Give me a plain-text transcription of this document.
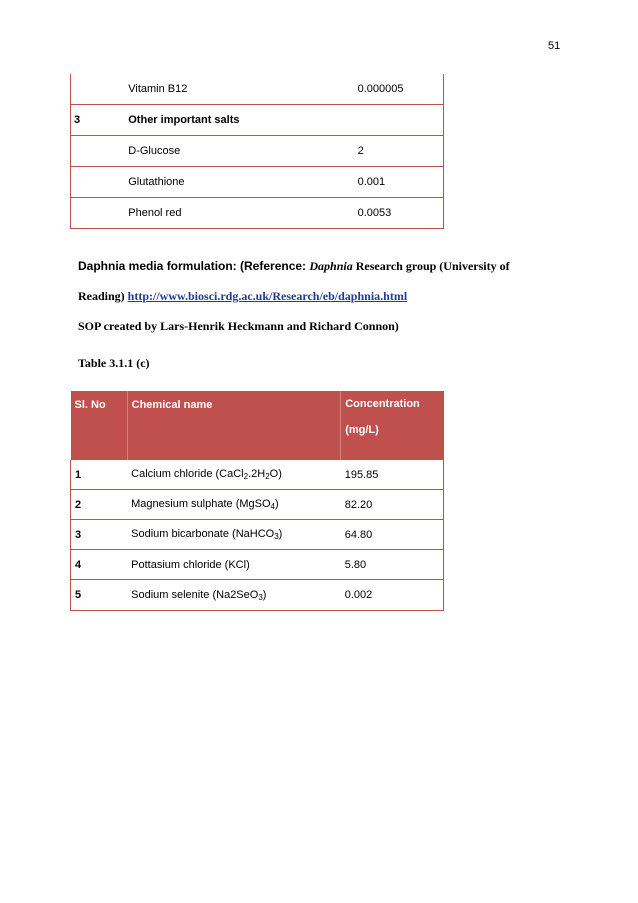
51
	Vitamin B12	0.000005
3	Other important salts	
	D-Glucose	2
	Glutathione	0.001
	Phenol red	0.0053
Daphnia media formulation: (Reference: Daphnia Research group (University of
Reading) http://www.biosci.rdg.ac.uk/Research/eb/daphnia.html
SOP created by Lars-Henrik Heckmann and Richard Connon)
Table 3.1.1 (c)
Sl. No	Chemical name	Concentration
(mg/L)

1	Calcium chloride $(CaCl_2.2H_2O)$	195.85
2	Magnesium sulphate (MgSO$_4$)	82.20
3	Sodium bicarbonate (NaHCO$_3$)	64.80
4	Pottasium chloride (KCl)	5.80
5	Sodium selenite (Na2SeO$_3$)	0.002
